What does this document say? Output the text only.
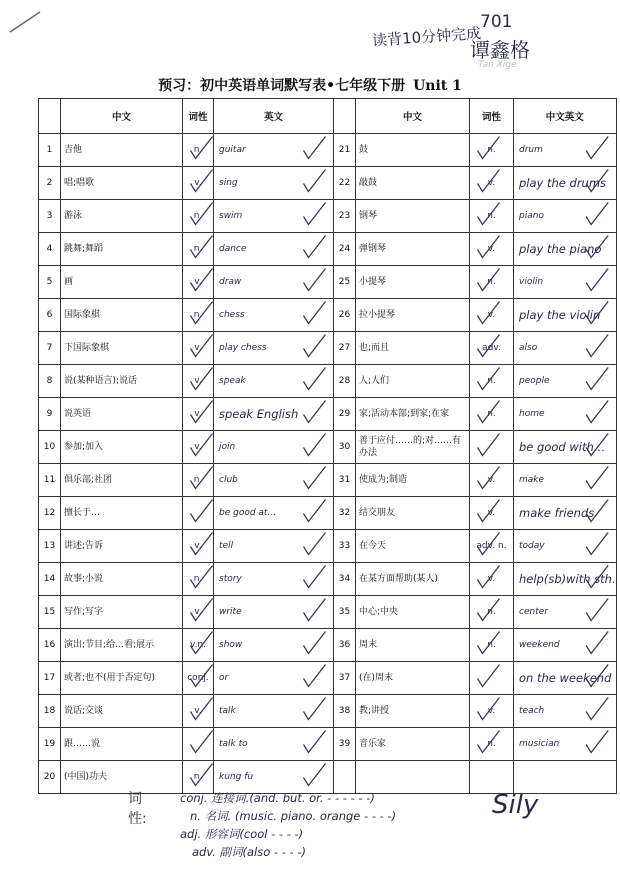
读背10分钟完成
701
谭鑫格
Tan Xige
预习：初中英语单词默写表•七年级下册 Unit 1
	中文	词性	英文		中文	词性	中文英文
1	吉他	n.	guitar	21	鼓	n.	drum
2	唱;唱歌	v.	sing	22	敲鼓	v.	play the drums
3	游泳	n.	swim	23	钢琴	n.	piano
4	跳舞;舞蹈	n.	dance	24	弹钢琴	v.	play the piano
5	画	v.	draw	25	小提琴	n.	violin
6	国际象棋	n.	chess	26	拉小提琴	v.	play the violin
7	下国际象棋	v.	play chess	27	也;而且	adv.	also
8	说(某种语言);说话	v.	speak	28	人;人们	n.	people
9	说英语	v.	speak English	29	家;活动本部;到家;在家	n.	home
10	参加;加入	v.	join	30	善于应付……的;对……有办法		be good with…
11	俱乐部;社团	n.	club	31	使成为;制造	v.	make
12	擅长于…		be good at…	32	结交朋友	v.	make friends
13	讲述;告诉	v.	tell	33	在今天	adv. n.	today
14	故事;小说	n.	story	34	在某方面帮助(某人)	v.	help(sb)with sth.
15	写作;写字	v.	write	35	中心;中央	n.	center
16	演出;节目;给…看;展示	v.n.	show	36	周末	n.	weekend
17	或者;也不(用于否定句)	conj.	or	37	(在)周末		on the weekend
18	说话;交谈	v.	talk	38	教;讲授	v.	teach
19	跟……说		talk to	39	音乐家	n.	musician
20	(中国)功夫	n.	kung fu				
词性:
conj. 连接词.(and. but. or. - - - - - -)
n. 名词. (music. piano. orange - - - -)
adj. 形容词(cool - - - -)
adv. 副词(also - - - -)
Sily
